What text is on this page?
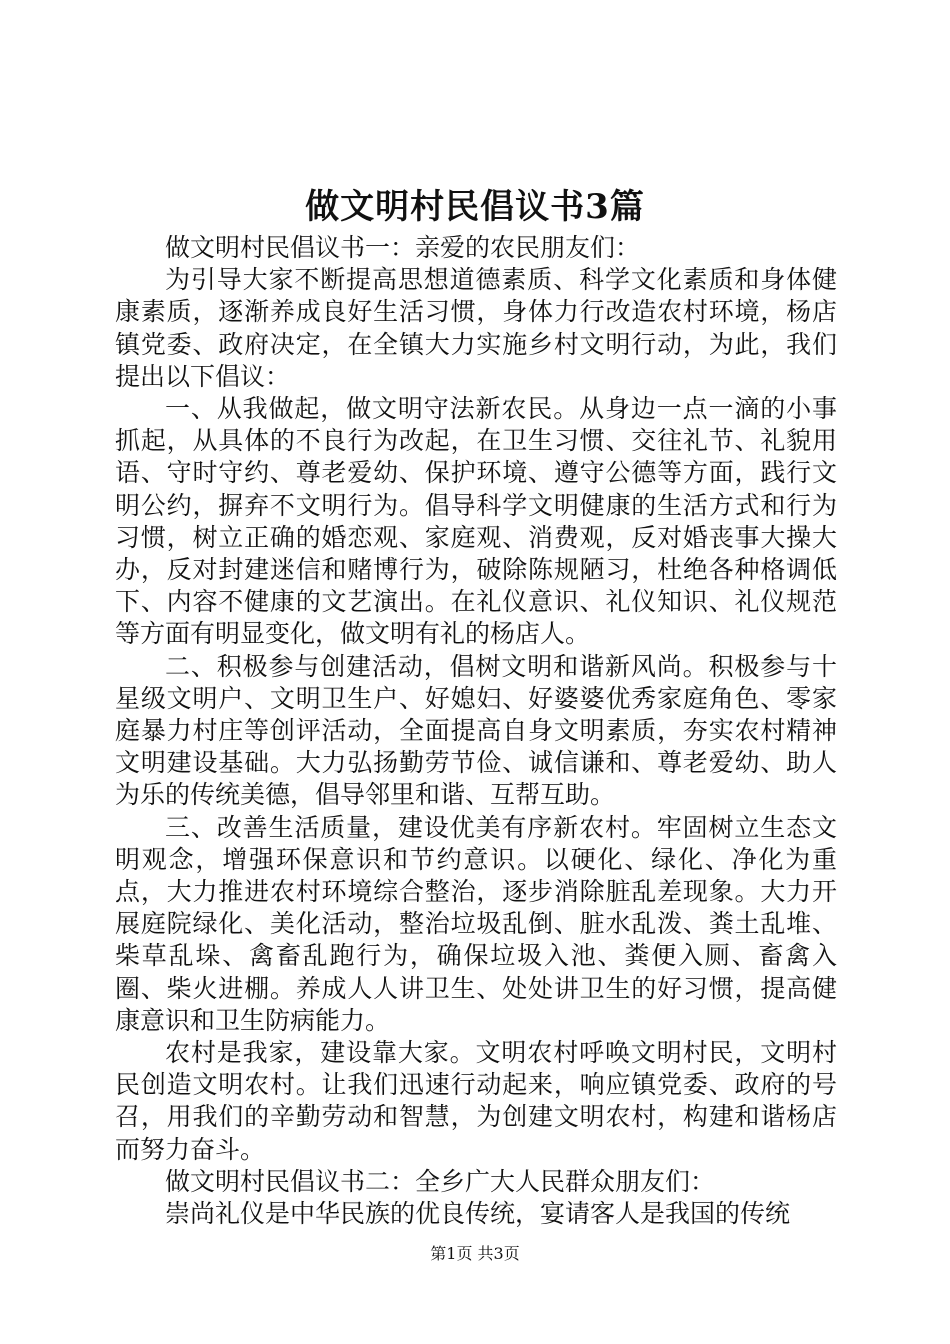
做文明村民倡议书3篇

做文明村民倡议书一：亲爱的农民朋友们：

为引导大家不断提高思想道德素质、科学文化素质和身体健康素质，逐渐养成良好生活习惯，身体力行改造农村环境，杨店镇党委、政府决定，在全镇大力实施乡村文明行动，为此，我们提出以下倡议：

一、从我做起，做文明守法新农民。从身边一点一滴的小事抓起，从具体的不良行为改起，在卫生习惯、交往礼节、礼貌用语、守时守约、尊老爱幼、保护环境、遵守公德等方面，践行文明公约，摒弃不文明行为。倡导科学文明健康的生活方式和行为习惯，树立正确的婚恋观、家庭观、消费观，反对婚丧事大操大办，反对封建迷信和赌博行为，破除陈规陋习，杜绝各种格调低下、内容不健康的文艺演出。在礼仪意识、礼仪知识、礼仪规范等方面有明显变化，做文明有礼的杨店人。

二、积极参与创建活动，倡树文明和谐新风尚。积极参与十星级文明户、文明卫生户、好媳妇、好婆婆优秀家庭角色、零家庭暴力村庄等创评活动，全面提高自身文明素质，夯实农村精神文明建设基础。大力弘扬勤劳节俭、诚信谦和、尊老爱幼、助人为乐的传统美德，倡导邻里和谐、互帮互助。

三、改善生活质量，建设优美有序新农村。牢固树立生态文明观念，增强环保意识和节约意识。以硬化、绿化、净化为重点，大力推进农村环境综合整治，逐步消除脏乱差现象。大力开展庭院绿化、美化活动，整治垃圾乱倒、脏水乱泼、粪土乱堆、柴草乱垛、禽畜乱跑行为，确保垃圾入池、粪便入厕、畜禽入圈、柴火进棚。养成人人讲卫生、处处讲卫生的好习惯，提高健康意识和卫生防病能力。

农村是我家，建设靠大家。文明农村呼唤文明村民，文明村民创造文明农村。让我们迅速行动起来，响应镇党委、政府的号召，用我们的辛勤劳动和智慧，为创建文明农村，构建和谐杨店而努力奋斗。

做文明村民倡议书二：全乡广大人民群众朋友们：

崇尚礼仪是中华民族的优良传统，宴请客人是我国的传统

第1页 共3页
